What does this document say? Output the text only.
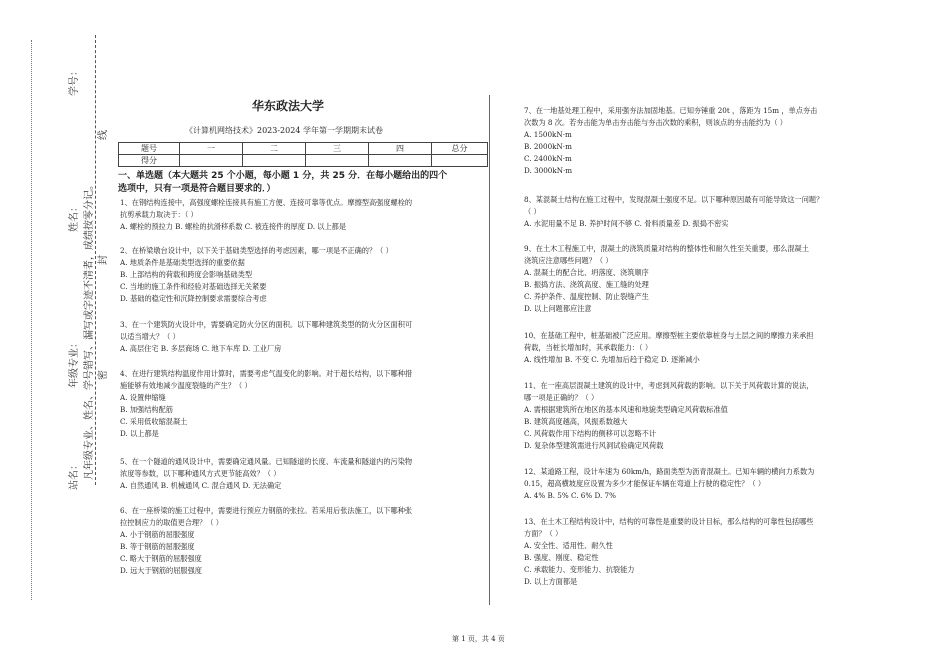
学号：
姓名：
年级专业：
站名： 凡年级专业、姓名、学号错写、漏写或字迹不清者，成绩按零分记。 密
封
线
华东政法大学
《计算机网络技术》2023-2024 学年第一学期期末试卷
题号	一	二	三	四	总分
得分					
一、单选题（本大题共 25 个小题，每小题 1 分，共 25 分．在每小题给出的四个
选项中，只有一项是符合题目要求的．）
1、在钢结构连接中，高强度螺栓连接具有施工方便、连接可靠等优点。摩擦型高强度螺栓的
抗剪承载力取决于：（ ）
A. 螺栓的预拉力 B. 螺栓的抗滑移系数 C. 被连接件的厚度 D. 以上都是
2、在桥梁墩台设计中，以下关于基础类型选择的考虑因素，哪一项是不正确的？（ ）
A. 地质条件是基础类型选择的重要依据
B. 上部结构的荷载和跨度会影响基础类型
C. 当地的施工条件和经验对基础选择无关紧要
D. 基础的稳定性和沉降控制要求需要综合考虑
3、在一个建筑防火设计中，需要确定防火分区的面积。以下哪种建筑类型的防火分区面积可
以适当增大？（ ）
A. 高层住宅 B. 多层商场 C. 地下车库 D. 工业厂房
4、在进行建筑结构温度作用计算时，需要考虑气温变化的影响。对于超长结构，以下哪种措
施能够有效地减少温度裂缝的产生？（ ）
A. 设置伸缩缝
B. 加强结构配筋
C. 采用低收缩混凝土
D. 以上都是
5、在一个隧道的通风设计中，需要确定通风量。已知隧道的长度、车流量和隧道内的污染物
浓度等参数，以下哪种通风方式更节能高效？（ ）
A. 自然通风 B. 机械通风 C. 混合通风 D. 无法确定
6、在一座桥梁的施工过程中，需要进行预应力钢筋的张拉。若采用后张法施工，以下哪种张
拉控制应力的取值更合理？（ ）
A. 小于钢筋的屈服强度
B. 等于钢筋的屈服强度
C. 略大于钢筋的屈服强度
D. 远大于钢筋的屈服强度
7、在一地基处理工程中，采用强夯法加固地基。已知夯锤重 20t ，落距为 15m ，单点夯击
次数为 8 次。若夯击能为单击夯击能与夯击次数的乘积，则该点的夯击能约为（ ）
A. 1500kN·m
B. 2000kN·m
C. 2400kN·m
D. 3000kN·m
8、某混凝土结构在施工过程中，发现混凝土强度不足。以下哪种原因最有可能导致这一问题？
（ ）
A. 水泥用量不足 B. 养护时间不够 C. 骨料质量差 D. 振捣不密实
9、在土木工程施工中，混凝土的浇筑质量对结构的整体性和耐久性至关重要，那么混凝土
浇筑应注意哪些问题？（ ）
A. 混凝土的配合比、坍落度、浇筑顺序
B. 振捣方法、浇筑高度、施工缝的处理
C. 养护条件、温度控制、防止裂缝产生
D. 以上问题都应注意
10、在基础工程中，桩基础被广泛应用。摩擦型桩主要依靠桩身与土层之间的摩擦力来承担
荷载，当桩长增加时，其承载能力：（ ）
A. 线性增加 B. 不变 C. 先增加后趋于稳定 D. 逐渐减小
11、在一座高层混凝土建筑的设计中，考虑到风荷载的影响。以下关于风荷载计算的说法，
哪一项是正确的？（ ）
A. 需根据建筑所在地区的基本风速和地貌类型确定风荷载标准值
B. 建筑高度越高，风振系数越大
C. 风荷载作用下结构的侧移可以忽略不计
D. 复杂体型建筑需进行风洞试验确定风荷载
12、某道路工程，设计车速为 60km/h，路面类型为沥青混凝土。已知车辆的横向力系数为
0.15，超高横坡度应设置为多少才能保证车辆在弯道上行驶的稳定性？（ ）
A. 4% B. 5% C. 6% D. 7%
13、在土木工程结构设计中，结构的可靠性是重要的设计目标，那么结构的可靠性包括哪些
方面？（ ）
A. 安全性、适用性、耐久性
B. 强度、刚度、稳定性
C. 承载能力、变形能力、抗裂能力
D. 以上方面都是
第 1 页，共 4 页
